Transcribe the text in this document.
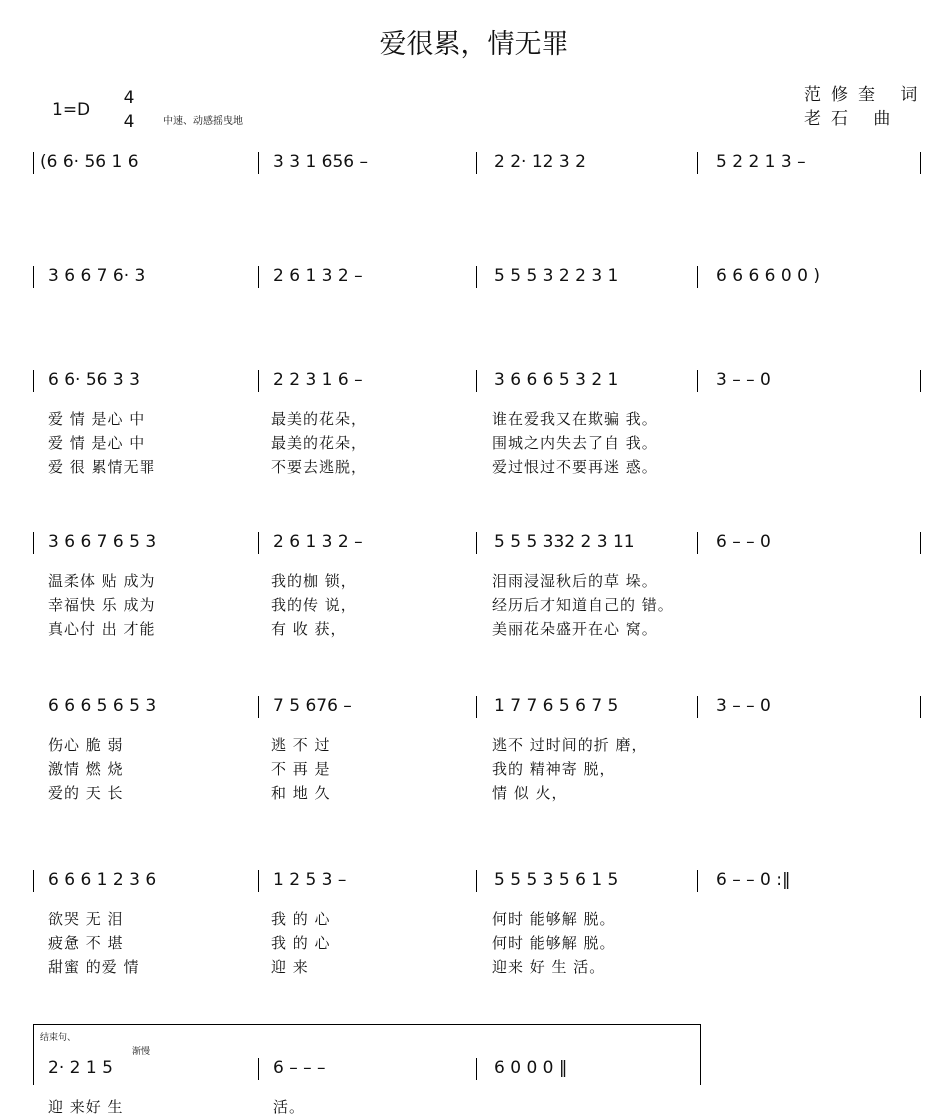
爱很累，情无罪
1=D
4
4	中速、动感摇曳地
范修奎 词
老石 曲
(6 6· 56 1 6	3 3 1 656 –	2 2· 12 3 2	5 2 2 1 3 –
3 6 6 7 6· 3	2 6 1 3 2 –	5 5 5 3 2 2 3 1	6 6 6 6 0 0 )
6 6· 56 3 3	2 2 3 1 6 –	3 6 6 6 5 3 2 1	3 – – 0
爱 情 是心 中	最美的花朵，	谁在爱我又在欺骗 我。
爱 情 是心 中	最美的花朵，	围城之内失去了自 我。
爱 很 累情无罪	不要去逃脱，	爱过恨过不要再迷 惑。
3 6 6 7 6 5 3	2 6 1 3 2 –	5 5 5 332 2 3 11	6 – – 0
温柔体 贴 成为	我的枷 锁，	泪雨浸湿秋后的草 垛。
幸福快 乐 成为	我的传 说，	经历后才知道自己的 错。
真心付 出 才能	有 收 获，	美丽花朵盛开在心 窝。
6 6 6 5 6 5 3	7 5 676 –	1 7 7 6 5 6 7 5	3 – – 0
伤心 脆 弱	逃 不 过	逃不 过时间的折 磨，
激情 燃 烧	不 再 是	我的 精神寄 脱，
爱的 天 长	和 地 久	情 似 火，
6 6 6 1 2 3 6	1 2 5 3 –	5 5 5 3 5 6 1 5	6 – – 0 :‖
欲哭 无 泪	我 的 心	何时 能够解 脱。
疲惫 不 堪	我 的 心	何时 能够解 脱。
甜蜜 的爱 情	迎 来	迎来 好 生 活。
结束句、
渐慢
2· 2 1 5	6 – – –	6 0 0 0 ‖
迎 来好 生	活。
